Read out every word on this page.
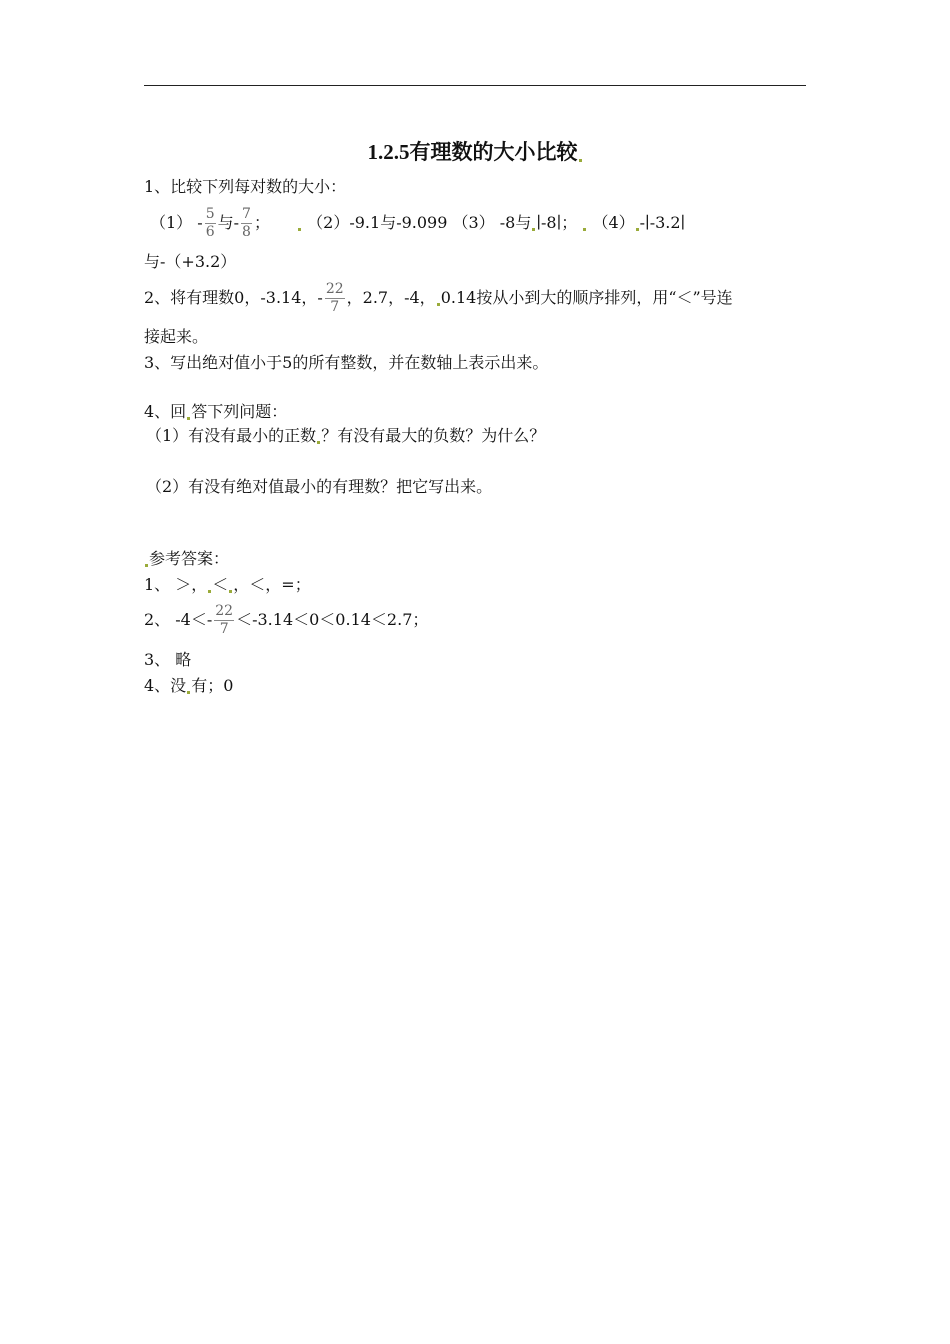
1.2.5有理数的大小比较
1、比较下列每对数的大小：
$(1) - \frac{5}{6}$ 与- $\frac{7}{8}$ ； （2）-9.1与-9.099 （3） -8与 ∣-8∣； （4） -∣-3.2∣
与-（+3.2）
2、将有理数0，-3.14，- $\frac{22}{7}$ ，2.7，-4， 0.14按从小到大的顺序排列，用“＜”号连
接起来。
3、写出绝对值小于5的所有整数，并在数轴上表示出来。
4、回 答下列问题：
（1）有没有最小的正数 ？有没有最大的负数？为什么？
（2）有没有绝对值最小的有理数？把它写出来。
参考答案：
1、 ＞， ＜ ，＜，=；
2、 $-4<- \frac{22}{7} <-3.14<0<0.14<2.7$；
3、 略
4、没 有；0
